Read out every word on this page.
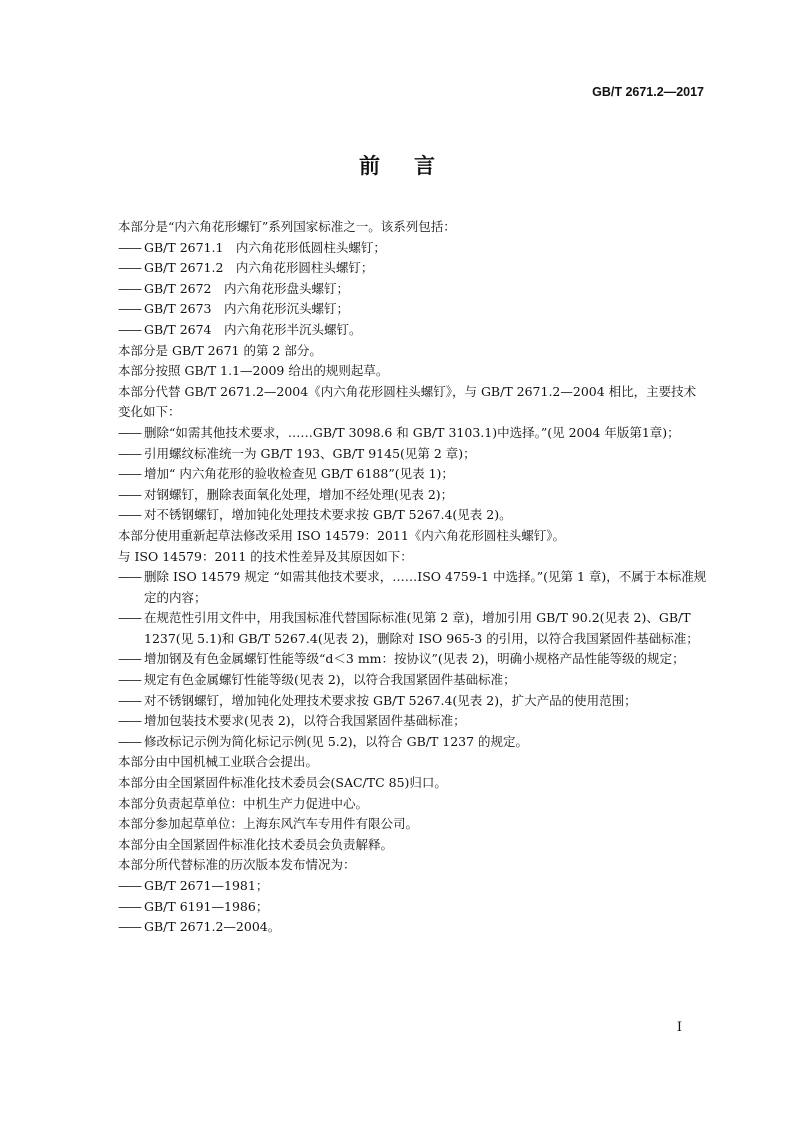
GB/T 2671.2—2017
前言
本部分是“内六角花形螺钉”系列国家标准之一。该系列包括：
—— GB/T 2671.1　内六角花形低圆柱头螺钉；
—— GB/T 2671.2　内六角花形圆柱头螺钉；
—— GB/T 2672　内六角花形盘头螺钉；
—— GB/T 2673　内六角花形沉头螺钉；
—— GB/T 2674　内六角花形半沉头螺钉。
本部分是 GB/T 2671 的第 2 部分。
本部分按照 GB/T 1.1—2009 给出的规则起草。
本部分代替 GB/T 2671.2—2004《内六角花形圆柱头螺钉》，与 GB/T 2671.2—2004 相比，主要技术变化如下：
—— 删除“如需其他技术要求，……GB/T 3098.6 和 GB/T 3103.1)中选择。”(见 2004 年版第1章)；
—— 引用螺纹标准统一为 GB/T 193、GB/T 9145(见第 2 章)；
—— 增加“ 内六角花形的验收检查见 GB/T 6188”(见表 1)；
—— 对钢螺钉，删除表面氧化处理，增加不经处理(见表 2)；
—— 对不锈钢螺钉，增加钝化处理技术要求按 GB/T 5267.4(见表 2)。
本部分使用重新起草法修改采用 ISO 14579：2011《内六角花形圆柱头螺钉》。
与 ISO 14579：2011 的技术性差异及其原因如下：
—— 删除 ISO 14579 规定 “如需其他技术要求，……ISO 4759-1 中选择。”(见第 1 章)，不属于本标准规定的内容；
—— 在规范性引用文件中，用我国标准代替国际标准(见第 2 章)，增加引用 GB/T 90.2(见表 2)、GB/T 1237(见 5.1)和 GB/T 5267.4(见表 2)，删除对 ISO 965-3 的引用，以符合我国紧固件基础标准；
—— 增加钢及有色金属螺钉性能等级“d＜3 mm：按协议”(见表 2)，明确小规格产品性能等级的规定；
—— 规定有色金属螺钉性能等级(见表 2)，以符合我国紧固件基础标准；
—— 对不锈钢螺钉，增加钝化处理技术要求按 GB/T 5267.4(见表 2)，扩大产品的使用范围；
—— 增加包装技术要求(见表 2)，以符合我国紧固件基础标准；
—— 修改标记示例为简化标记示例(见 5.2)，以符合 GB/T 1237 的规定。
本部分由中国机械工业联合会提出。
本部分由全国紧固件标准化技术委员会(SAC/TC 85)归口。
本部分负责起草单位：中机生产力促进中心。
本部分参加起草单位：上海东风汽车专用件有限公司。
本部分由全国紧固件标准化技术委员会负责解释。
本部分所代替标准的历次版本发布情况为：
—— GB/T 2671—1981；
—— GB/T 6191—1986；
—— GB/T 2671.2—2004。
I
